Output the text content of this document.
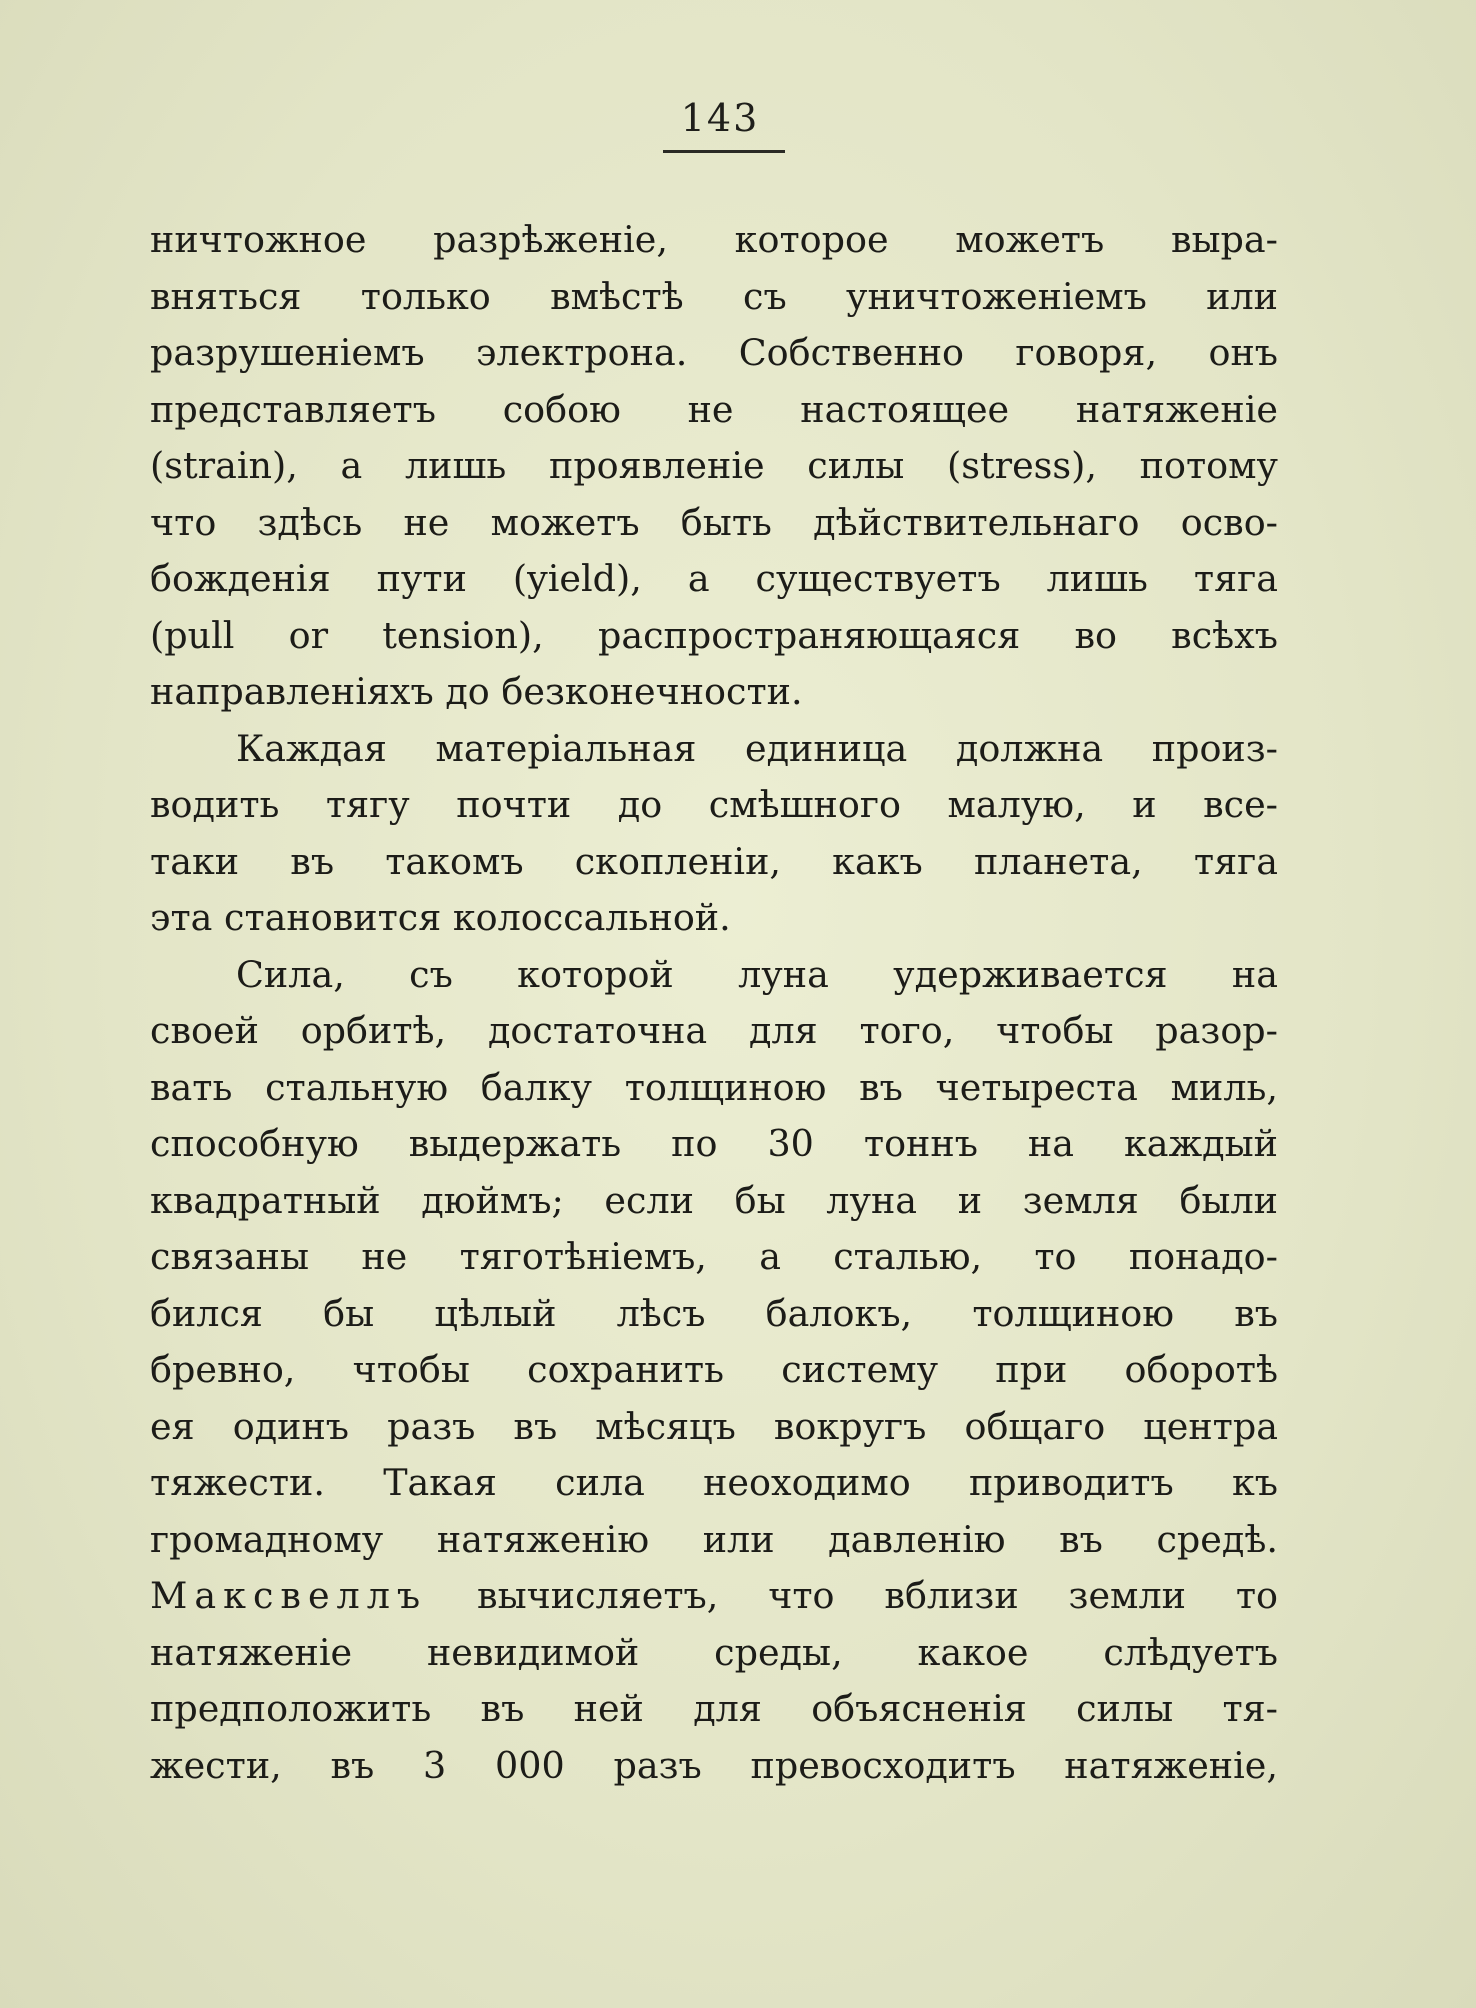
143
ничтожное разрѣженіе, которое можетъ выра-
вняться только вмѣстѣ съ уничтоженіемъ или
разрушеніемъ электрона. Собственно говоря, онъ
представляетъ собою не настоящее натяженіе
(strain), а лишь проявленіе силы (stress), потому
что здѣсь не можетъ быть дѣйствительнаго осво-
божденія пути (yield), а существуетъ лишь тяга
(pull or tension), распространяющаяся во всѣхъ
направленіяхъ до безконечности.
Каждая матеріальная единица должна произ-
водить тягу почти до смѣшного малую, и все-
таки въ такомъ скопленіи, какъ планета, тяга
эта становится колоссальной.
Сила, съ которой луна удерживается на
своей орбитѣ, достаточна для того, чтобы разор-
вать стальную балку толщиною въ четыреста миль,
способную выдержать по 30 тоннъ на каждый
квадратный дюймъ; если бы луна и земля были
связаны не тяготѣніемъ, а сталью, то понадо-
бился бы цѣлый лѣсъ балокъ, толщиною въ
бревно, чтобы сохранить систему при оборотѣ
ея одинъ разъ въ мѣсяцъ вокругъ общаго центра
тяжести. Такая сила неоходимо приводитъ къ
громадному натяженію или давленію въ средѣ.
Максвеллъ вычисляетъ, что вблизи земли то
натяженіе невидимой среды, какое слѣдуетъ
предположить въ ней для объясненія силы тя-
жести, въ 3 000 разъ превосходитъ натяженіе,
